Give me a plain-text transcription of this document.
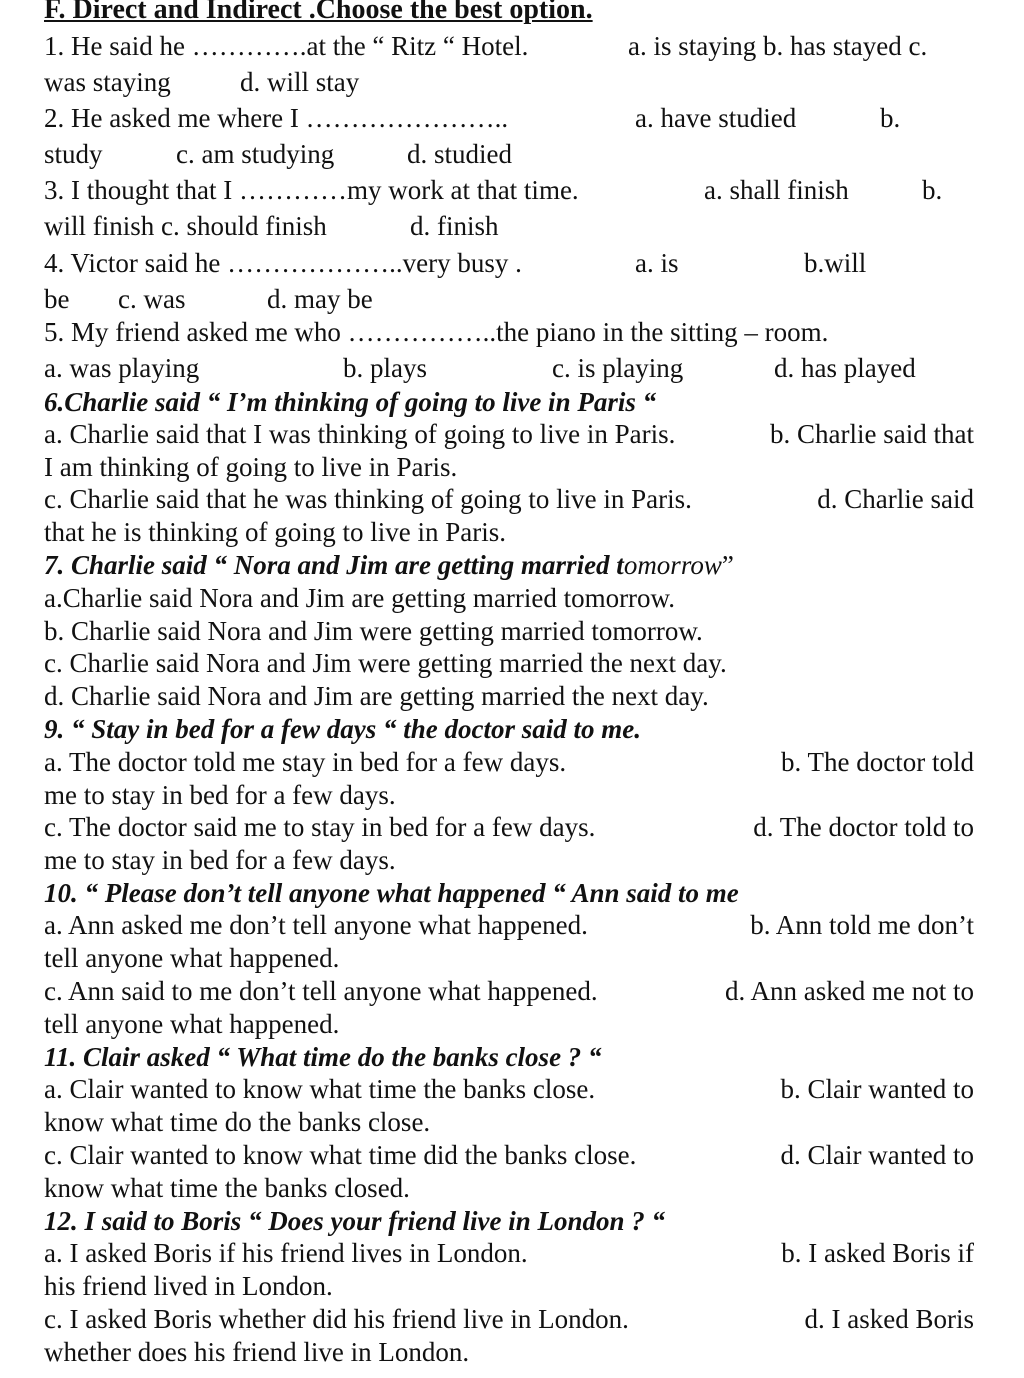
F. Direct and Indirect .Choose the best option.
1. He said he ………….at the “ Ritz “ Hotel.	a. is staying b. has stayed c.
was staying	d. will stay
2. He asked me where I …………………..	a. have studied	b.
study	c. am studying	d. studied
3. I thought that I …………my work at that time.	a. shall finish	b.
will finish c. should finish	d. finish
4. Victor said he ………………..very busy .	a. is	b.will
be c. was	d. may be
5. My friend asked me who ……………..the piano in the sitting – room.
a. was playing	b. plays	c. is playing	d. has played
6.Charlie said “ I’m thinking of going to live in Paris “
a. Charlie said that I was thinking of going to live in Paris.	b. Charlie said that
I am thinking of going to live in Paris.
c. Charlie said that he was thinking of going to live in Paris.	d. Charlie said
that he is thinking of going to live in Paris.
7. Charlie said “ Nora and Jim are getting married tomorrow”
a.Charlie said Nora and Jim are getting married tomorrow.
b. Charlie said Nora and Jim were getting married tomorrow.
c. Charlie said Nora and Jim were getting married the next day.
d. Charlie said Nora and Jim are getting married the next day.
9. “ Stay in bed for a few days “ the doctor said to me.
a. The doctor told me stay in bed for a few days.	b. The doctor told
me to stay in bed for a few days.
c. The doctor said me to stay in bed for a few days.	d. The doctor told to
me to stay in bed for a few days.
10. “ Please don’t tell anyone what happened “ Ann said to me
a. Ann asked me don’t tell anyone what happened.	b. Ann told me don’t
tell anyone what happened.
c. Ann said to me don’t tell anyone what happened.	d. Ann asked me not to
tell anyone what happened.
11. Clair asked “ What time do the banks close ? “
a. Clair wanted to know what time the banks close.	b. Clair wanted to
know what time do the banks close.
c. Clair wanted to know what time did the banks close.	d. Clair wanted to
know what time the banks closed.
12. I said to Boris “ Does your friend live in London ? “
a. I asked Boris if his friend lives in London.	b. I asked Boris if
his friend lived in London.
c. I asked Boris whether did his friend live in London.	d. I asked Boris
whether does his friend live in London.
